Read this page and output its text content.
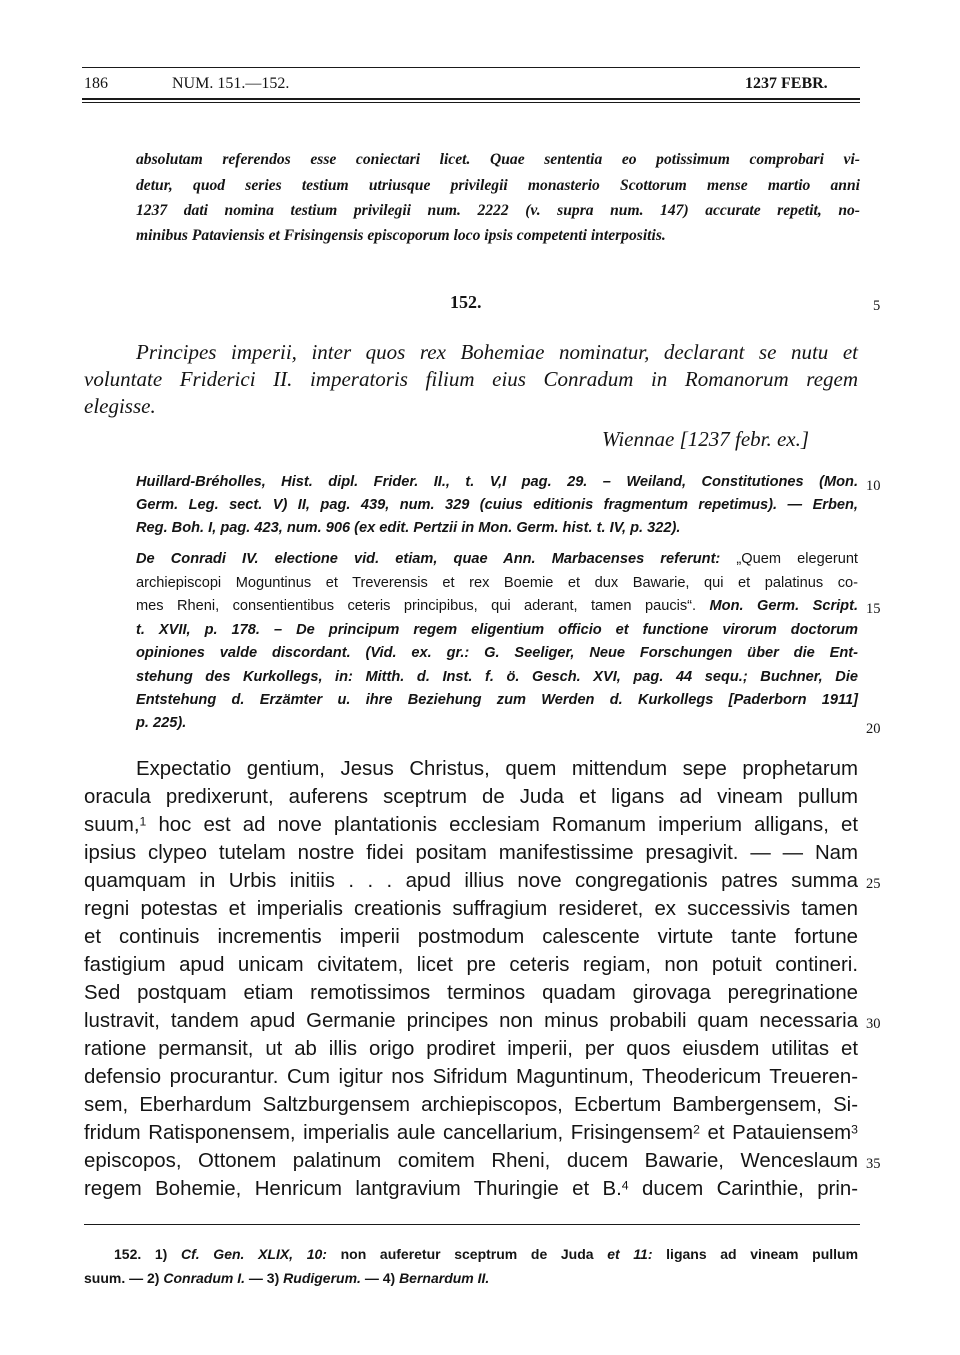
186	NUM. 151.—152.	1237 FEBR.
absolutam referendos esse coniectari licet. Quae sententia eo potissimum comprobari vi-
detur, quod series testium utriusque privilegii monasterio Scottorum mense martio anni
1237 dati nomina testium privilegii num. 2222 (v. supra num. 147) accurate repetit, no-
minibus Pataviensis et Frisingensis episcoporum loco ipsis competenti interpositis.
152.	5
Principes imperii, inter quos rex Bohemiae nominatur, declarant se nutu et
voluntate Friderici II. imperatoris filium eius Conradum in Romanorum regem
elegisse.
Wiennae [1237 febr. ex.]
Huillard-Bréholles, Hist. dipl. Frider. II., t. V,I pag. 29. – Weiland, Constitutiones (Mon.
Germ. Leg. sect. V) II, pag. 439, num. 329 (cuius editionis fragmentum repetimus). — Erben,
Reg. Boh. I, pag. 423, num. 906 (ex edit. Pertzii in Mon. Germ. hist. t. IV, p. 322).
10
De Conradi IV. electione vid. etiam, quae Ann. Marbacenses referunt: „Quem elegerunt
archiepiscopi Moguntinus et Treverensis et rex Boemie et dux Bawarie, qui et palatinus co-
mes Rheni, consentientibus ceteris principibus, qui aderant, tamen paucis“. Mon. Germ. Script.
t. XVII, p. 178. – De principum regem eligentium officio et functione virorum doctorum
opiniones valde discordant. (Vid. ex. gr.: G. Seeliger, Neue Forschungen über die Ent-
stehung des Kurkollegs, in: Mitth. d. Inst. f. ö. Gesch. XVI, pag. 44 sequ.; Buchner, Die
Entstehung d. Erzämter u. ihre Beziehung zum Werden d. Kurkollegs [Paderborn 1911]
p. 225).
15
20
Expectatio gentium, Jesus Christus, quem mittendum sepe prophetarum
oracula predixerunt, auferens sceptrum de Juda et ligans ad vineam pullum
suum,$^1$ hoc est ad nove plantationis ecclesiam Romanum imperium alligans, et
ipsius clypeo tutelam nostre fidei positam manifestissime presagivit. — — Nam
quamquam in Urbis initiis . . . apud illius nove congregationis patres summa
regni potestas et imperialis creationis suffragium resideret, ex successivis tamen
et continuis incrementis imperii postmodum calescente virtute tante fortune
fastigium apud unicam civitatem, licet pre ceteris regiam, non potuit contineri.
Sed postquam etiam remotissimos terminos quadam girovaga peregrinatione
lustravit, tandem apud Germanie principes non minus probabili quam necessaria
ratione permansit, ut ab illis origo prodiret imperii, per quos eiusdem utilitas et
defensio procurantur. Cum igitur nos Sifridum Maguntinum, Theodericum Treueren-
sem, Eberhardum Saltzburgensem archiepiscopos, Ecbertum Bambergensem, Si-
fridum Ratisponensem, imperialis aule cancellarium, Frisingensem$^2$ et Patauiensem$^3$
episcopos, Ottonem palatinum comitem Rheni, ducem Bawarie, Wenceslaum
regem Bohemie, Henricum lantgravium Thuringie et B.$^4$ ducem Carinthie, prin-
25
30
35
152. 1) Cf. Gen. XLIX, 10: non auferetur sceptrum de Juda et 11: ligans ad vineam pullum
suum. — 2) Conradum I. — 3) Rudigerum. — 4) Bernardum II.
